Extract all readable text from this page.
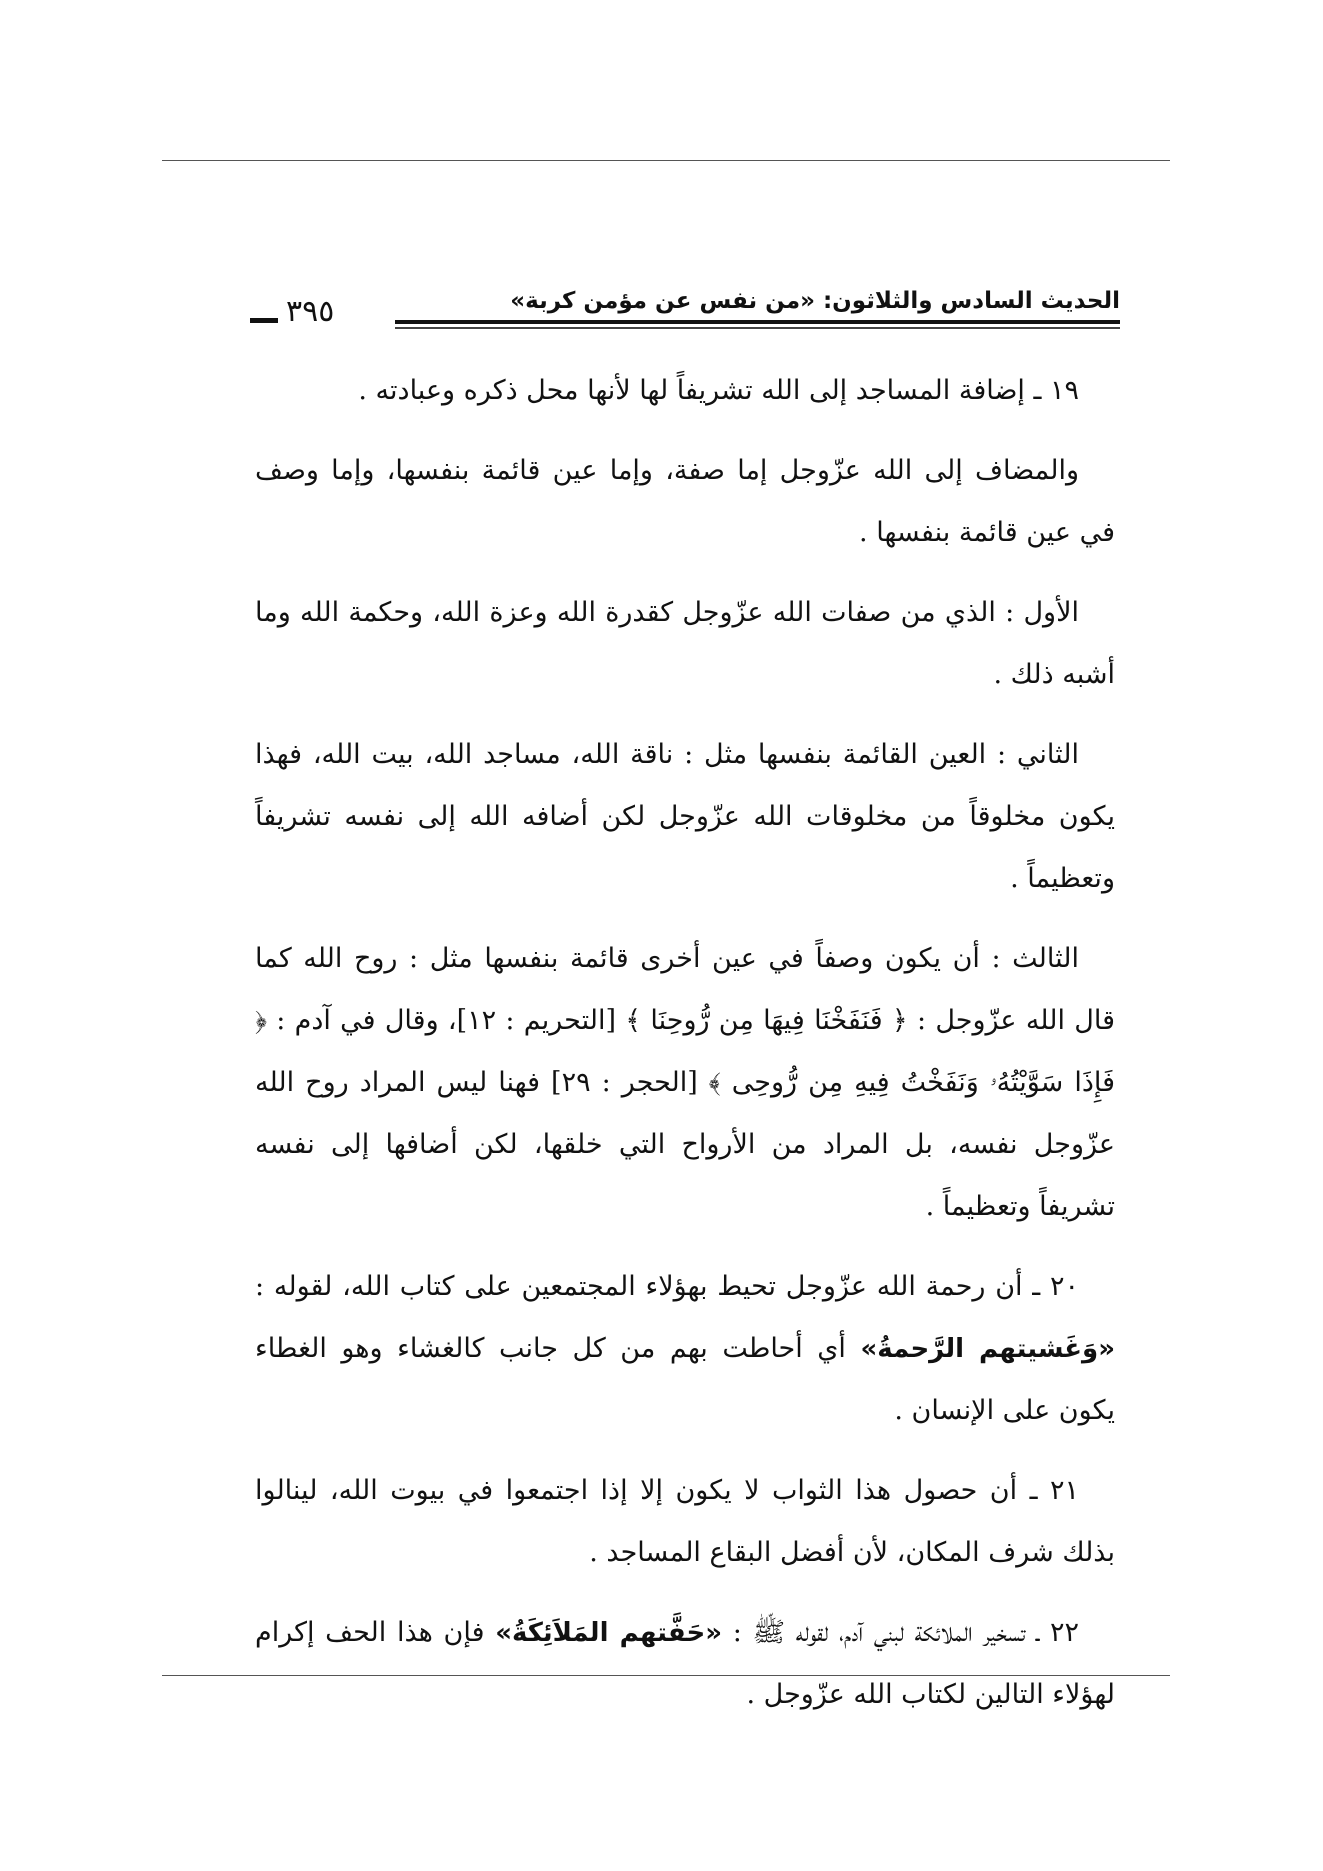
٣٩٥	الحديث السادس والثلاثون: «من نفس عن مؤمن كربة»

١٩ ـ إضافة المساجد إلى الله تشريفاً لها لأنها محل ذكره وعبادته .

والمضاف إلى الله عزّوجل إما صفة، وإما عين قائمة بنفسها، وإما وصف في عين قائمة بنفسها .

الأول : الذي من صفات الله عزّوجل كقدرة الله وعزة الله، وحكمة الله وما أشبه ذلك .

الثاني : العين القائمة بنفسها مثل : ناقة الله، مساجد الله، بيت الله، فهذا يكون مخلوقاً من مخلوقات الله عزّوجل لكن أضافه الله إلى نفسه تشريفاً وتعظيماً .

الثالث : أن يكون وصفاً في عين أخرى قائمة بنفسها مثل : روح الله كما قال الله عزّوجل : ﴿ فَنَفَخْنَا فِيهَا مِن رُّوحِنَا ﴾ [التحريم : ١٢]، وقال في آدم : ﴿ فَإِذَا سَوَّيْتُهُۥ وَنَفَخْتُ فِيهِ مِن رُّوحِى ﴾ [الحجر : ٢٩] فهنا ليس المراد روح الله عزّوجل نفسه، بل المراد من الأرواح التي خلقها، لكن أضافها إلى نفسه تشريفاً وتعظيماً .

٢٠ ـ أن رحمة الله عزّوجل تحيط بهؤلاء المجتمعين على كتاب الله، لقوله : «وَغَشيتهم الرَّحمةُ» أي أحاطت بهم من كل جانب كالغشاء وهو الغطاء يكون على الإنسان .

٢١ ـ أن حصول هذا الثواب لا يكون إلا إذا اجتمعوا في بيوت الله، لينالوا بذلك شرف المكان، لأن أفضل البقاع المساجد .

٢٢ ـ تسخير الملائكة لبني آدم، لقوله ﷺ : «حَفَّتهم المَلاَئِكَةُ» فإن هذا الحف إكرام لهؤلاء التالين لكتاب الله عزّوجل .
